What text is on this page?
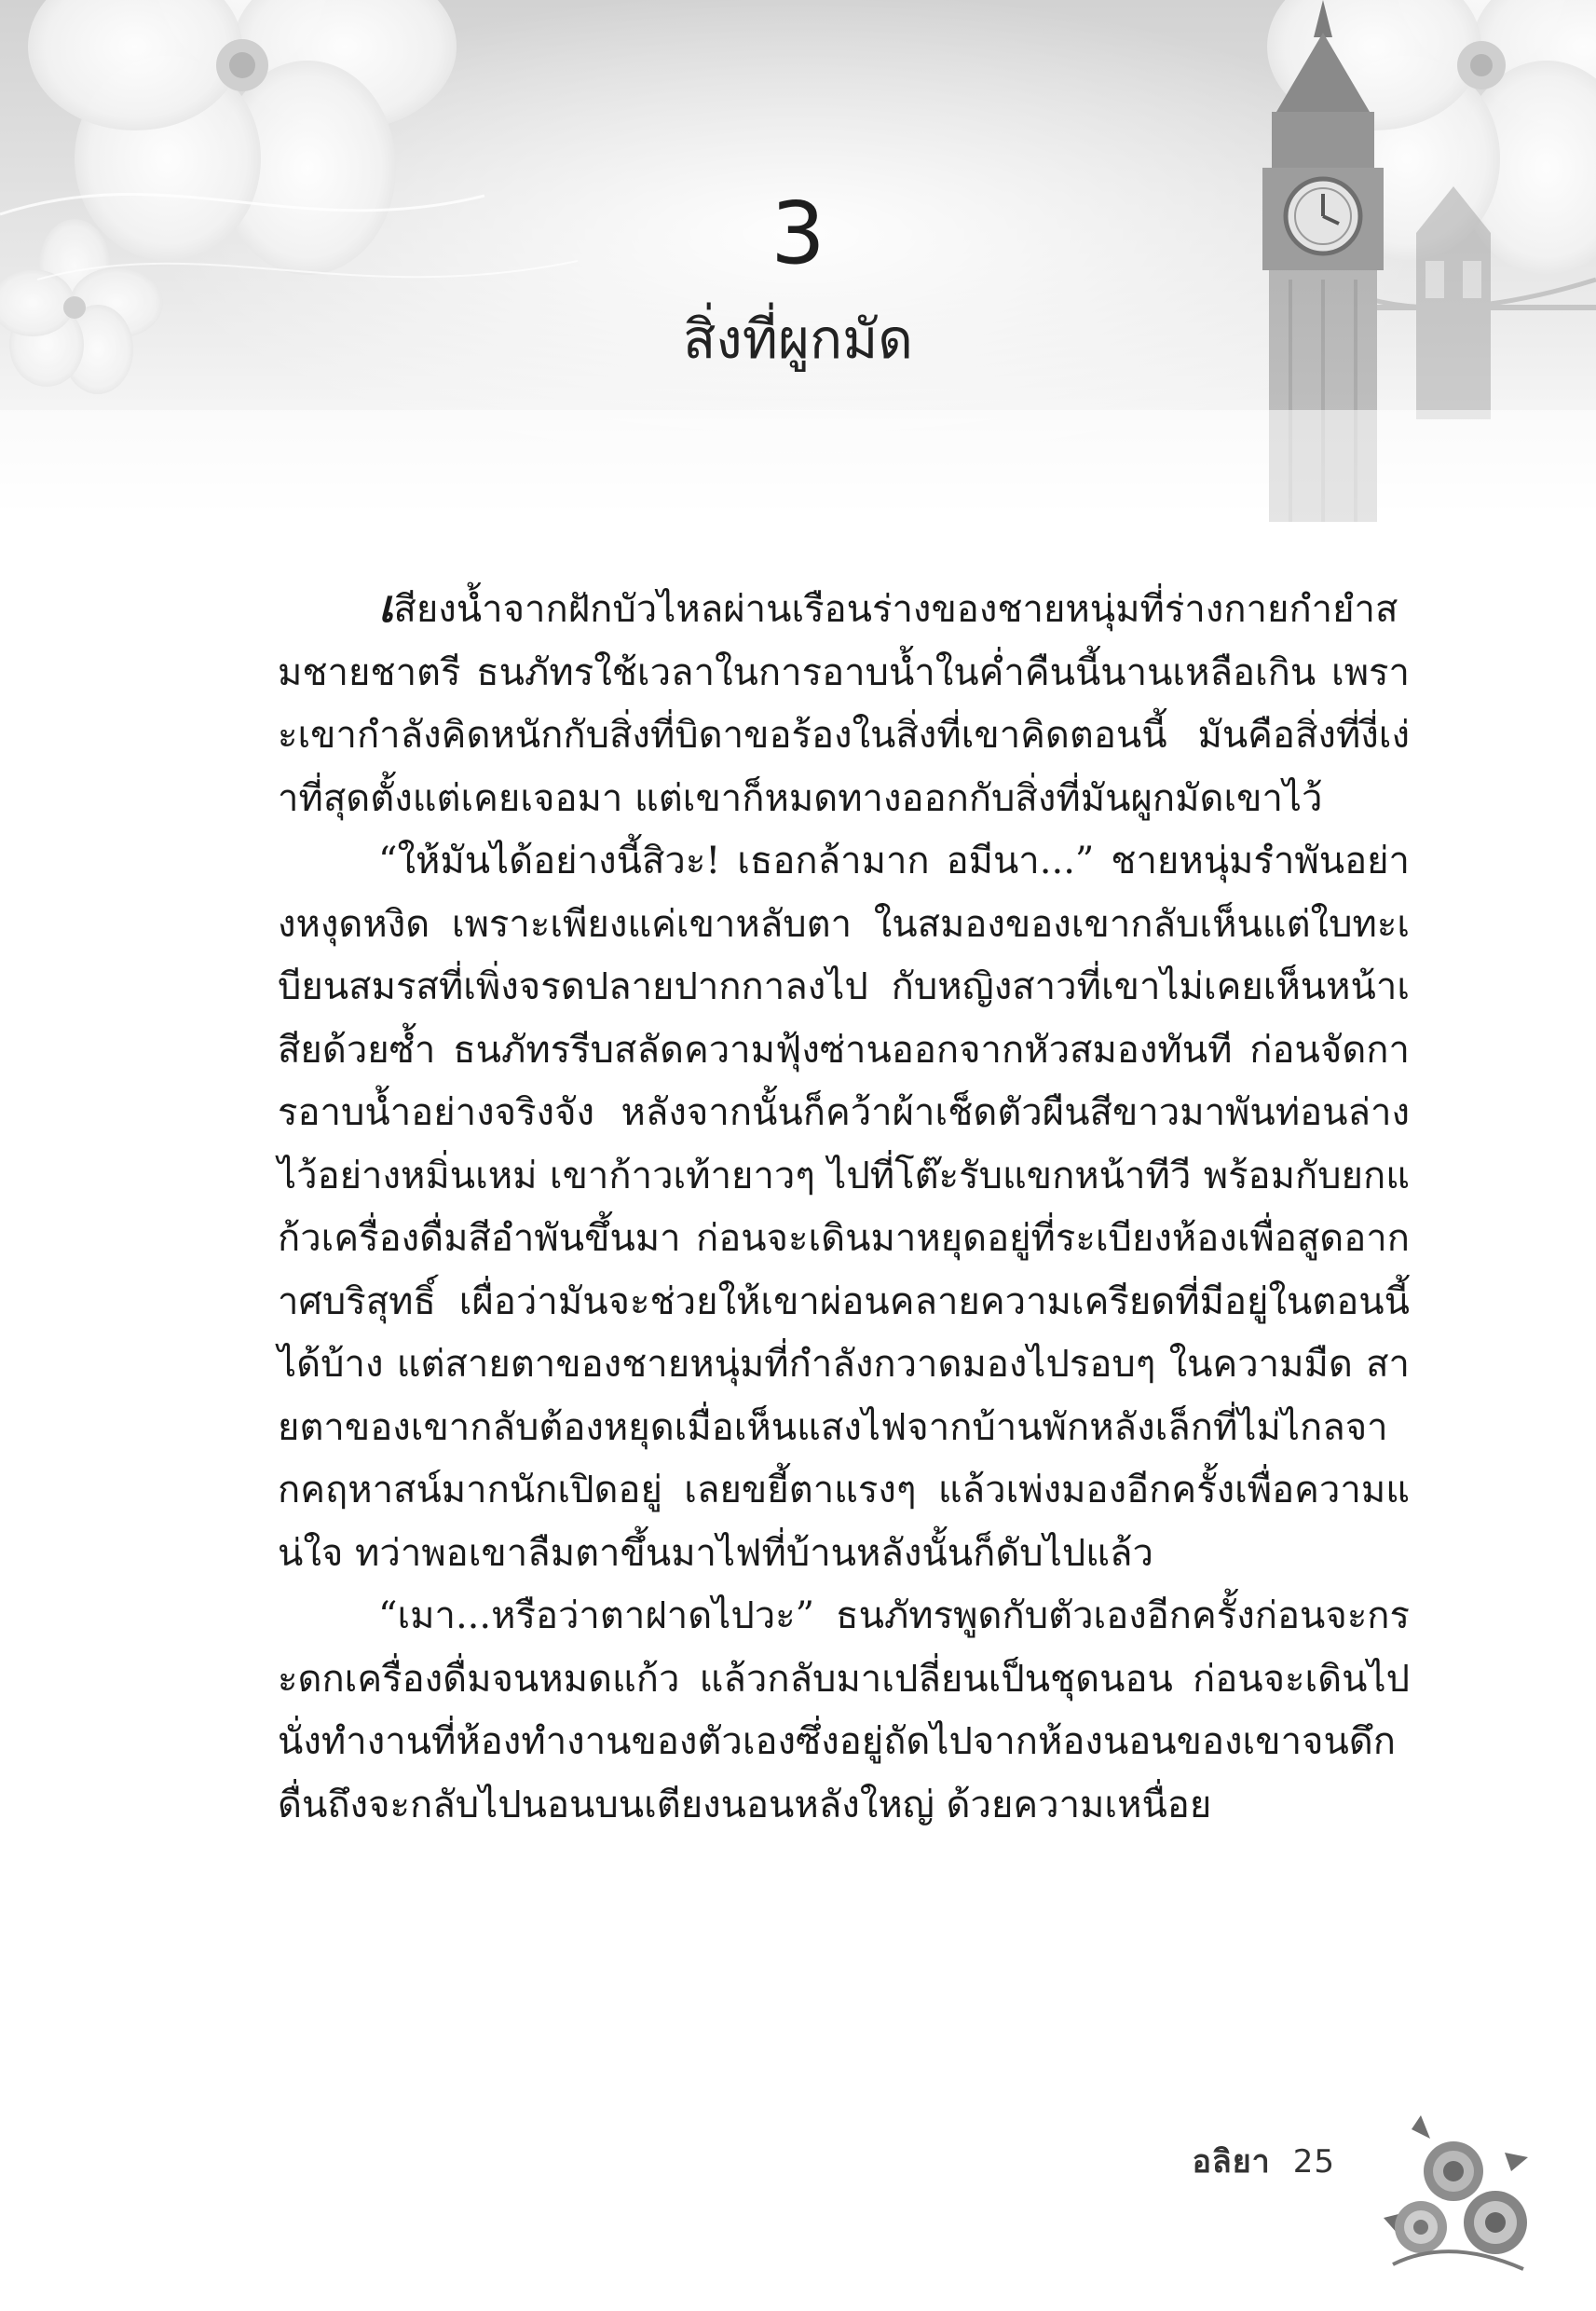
3
สิ่งที่ผูกมัด

เสียงน้ำจากฝักบัวไหลผ่านเรือนร่างของชายหนุ่มที่ร่างกายกำยำสมชายชาตรี ธนภัทรใช้เวลาในการอาบน้ำในค่ำคืนนี้นานเหลือเกิน เพราะเขากำลังคิดหนักกับสิ่งที่บิดาขอร้องในสิ่งที่เขาคิดตอนนี้ มันคือสิ่งที่งี่เง่าที่สุดตั้งแต่เคยเจอมา แต่เขาก็หมดทางออกกับสิ่งที่มันผูกมัดเขาไว้

“ให้มันได้อย่างนี้สิวะ! เธอกล้ามาก อมีนา...” ชายหนุ่มรำพันอย่างหงุดหงิด เพราะเพียงแค่เขาหลับตา ในสมองของเขากลับเห็นแต่ใบทะเบียนสมรสที่เพิ่งจรดปลายปากกาลงไป กับหญิงสาวที่เขาไม่เคยเห็นหน้าเสียด้วยซ้ำ ธนภัทรรีบสลัดความฟุ้งซ่านออกจากหัวสมองทันที ก่อนจัดการอาบน้ำอย่างจริงจัง หลังจากนั้นก็คว้าผ้าเช็ดตัวผืนสีขาวมาพันท่อนล่างไว้อย่างหมิ่นเหม่ เขาก้าวเท้ายาวๆ ไปที่โต๊ะรับแขกหน้าทีวี พร้อมกับยกแก้วเครื่องดื่มสีอำพันขึ้นมา ก่อนจะเดินมาหยุดอยู่ที่ระเบียงห้องเพื่อสูดอากาศบริสุทธิ์ เผื่อว่ามันจะช่วยให้เขาผ่อนคลายความเครียดที่มีอยู่ในตอนนี้ได้บ้าง แต่สายตาของชายหนุ่มที่กำลังกวาดมองไปรอบๆ ในความมืด สายตาของเขากลับต้องหยุดเมื่อเห็นแสงไฟจากบ้านพักหลังเล็กที่ไม่ไกลจากคฤหาสน์มากนักเปิดอยู่ เลยขยี้ตาแรงๆ แล้วเพ่งมองอีกครั้งเพื่อความแน่ใจ ทว่าพอเขาลืมตาขึ้นมาไฟที่บ้านหลังนั้นก็ดับไปแล้ว

“เมา...หรือว่าตาฝาดไปวะ” ธนภัทรพูดกับตัวเองอีกครั้งก่อนจะกระดกเครื่องดื่มจนหมดแก้ว แล้วกลับมาเปลี่ยนเป็นชุดนอน ก่อนจะเดินไปนั่งทำงานที่ห้องทำงานของตัวเองซึ่งอยู่ถัดไปจากห้องนอนของเขาจนดึกดื่นถึงจะกลับไปนอนบนเตียงนอนหลังใหญ่ ด้วยความเหนื่อย

อลิยา 25
